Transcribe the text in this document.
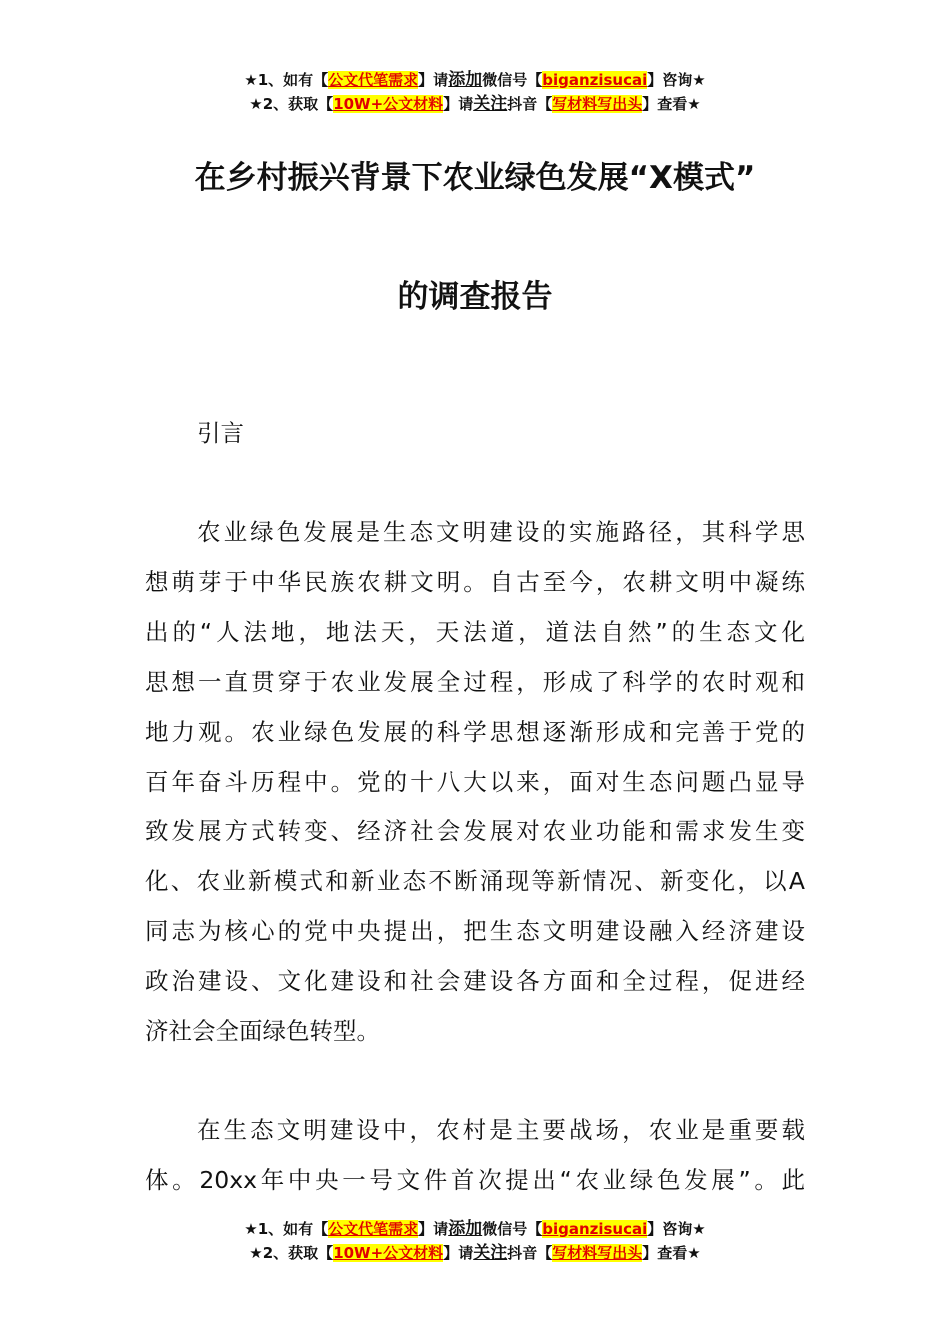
★1、如有【公文代笔需求】请添加微信号【biganzisucai】咨询★
★2、获取【10W+公文材料】请关注抖音【写材料写出头】查看★
在乡村振兴背景下农业绿色发展“X模式”
的调查报告
引言
农业绿色发展是生态文明建设的实施路径，其科学思
想萌芽于中华民族农耕文明。自古至今，农耕文明中凝练
出的“人法地，地法天，天法道，道法自然”的生态文化
思想一直贯穿于农业发展全过程，形成了科学的农时观和
地力观。农业绿色发展的科学思想逐渐形成和完善于党的
百年奋斗历程中。党的十八大以来，面对生态问题凸显导
致发展方式转变、经济社会发展对农业功能和需求发生变
化、农业新模式和新业态不断涌现等新情况、新变化，以A
同志为核心的党中央提出，把生态文明建设融入经济建设
政治建设、文化建设和社会建设各方面和全过程，促进经
济社会全面绿色转型。
在生态文明建设中，农村是主要战场，农业是重要载
体。20xx年中央一号文件首次提出“农业绿色发展”。此
★1、如有【公文代笔需求】请添加微信号【biganzisucai】咨询★
★2、获取【10W+公文材料】请关注抖音【写材料写出头】查看★
